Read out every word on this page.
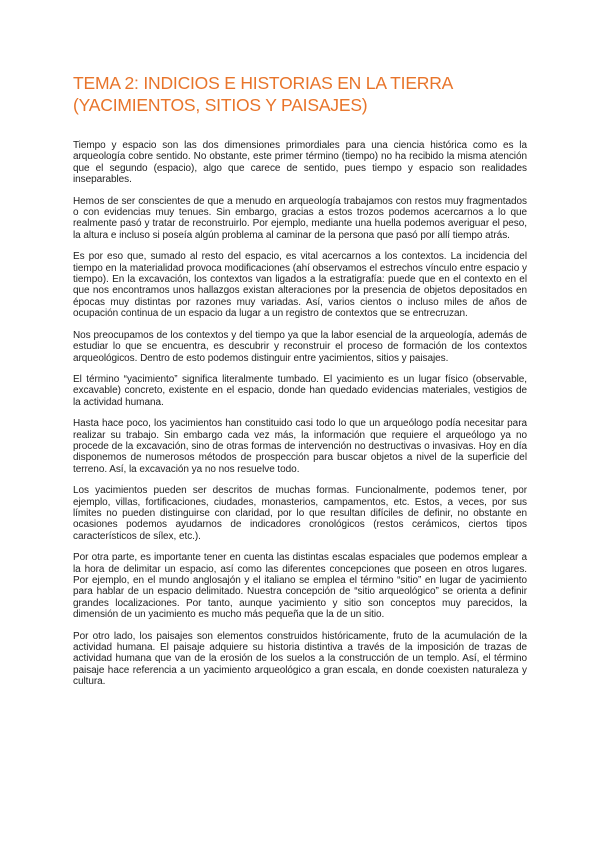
TEMA 2: INDICIOS E HISTORIAS EN LA TIERRA
(YACIMIENTOS, SITIOS Y PAISAJES)

Tiempo y espacio son las dos dimensiones primordiales para una ciencia histórica como es la arqueología cobre sentido. No obstante, este primer término (tiempo) no ha recibido la misma atención que el segundo (espacio), algo que carece de sentido, pues tiempo y espacio son realidades inseparables.

Hemos de ser conscientes de que a menudo en arqueología trabajamos con restos muy fragmentados o con evidencias muy tenues. Sin embargo, gracias a estos trozos podemos acercarnos a lo que realmente pasó y tratar de reconstruirlo. Por ejemplo, mediante una huella podemos averiguar el peso, la altura e incluso si poseía algún problema al caminar de la persona que pasó por allí tiempo atrás.

Es por eso que, sumado al resto del espacio, es vital acercarnos a los contextos. La incidencia del tiempo en la materialidad provoca modificaciones (ahí observamos el estrechos vínculo entre espacio y tiempo). En la excavación, los contextos van ligados a la estratigrafía: puede que en el contexto en el que nos encontramos unos hallazgos existan alteraciones por la presencia de objetos depositados en épocas muy distintas por razones muy variadas. Así, varios cientos o incluso miles de años de ocupación continua de un espacio da lugar a un registro de contextos que se entrecruzan.

Nos preocupamos de los contextos y del tiempo ya que la labor esencial de la arqueología, además de estudiar lo que se encuentra, es descubrir y reconstruir el proceso de formación de los contextos arqueológicos. Dentro de esto podemos distinguir entre yacimientos, sitios y paisajes.

El término “yacimiento” significa literalmente tumbado. El yacimiento es un lugar físico (observable, excavable) concreto, existente en el espacio, donde han quedado evidencias materiales, vestigios de la actividad humana.

Hasta hace poco, los yacimientos han constituido casi todo lo que un arqueólogo podía necesitar para realizar su trabajo. Sin embargo cada vez más, la información que requiere el arqueólogo ya no procede de la excavación, sino de otras formas de intervención no destructivas o invasivas. Hoy en día disponemos de numerosos métodos de prospección para buscar objetos a nivel de la superficie del terreno. Así, la excavación ya no nos resuelve todo.

Los yacimientos pueden ser descritos de muchas formas. Funcionalmente, podemos tener, por ejemplo, villas, fortificaciones, ciudades, monasterios, campamentos, etc. Estos, a veces, por sus límites no pueden distinguirse con claridad, por lo que resultan difíciles de definir, no obstante en ocasiones podemos ayudarnos de indicadores cronológicos (restos cerámicos, ciertos tipos característicos de sílex, etc.).

Por otra parte, es importante tener en cuenta las distintas escalas espaciales que podemos emplear a la hora de delimitar un espacio, así como las diferentes concepciones que poseen en otros lugares. Por ejemplo, en el mundo anglosajón y el italiano se emplea el término “sitio” en lugar de yacimiento para hablar de un espacio delimitado. Nuestra concepción de “sitio arqueológico” se orienta a definir grandes localizaciones. Por tanto, aunque yacimiento y sitio son conceptos muy parecidos, la dimensión de un yacimiento es mucho más pequeña que la de un sitio.

Por otro lado, los paisajes son elementos construidos históricamente, fruto de la acumulación de la actividad humana. El paisaje adquiere su historia distintiva a través de la imposición de trazas de actividad humana que van de la erosión de los suelos a la construcción de un templo. Así, el término paisaje hace referencia a un yacimiento arqueológico a gran escala, en donde coexisten naturaleza y cultura.
